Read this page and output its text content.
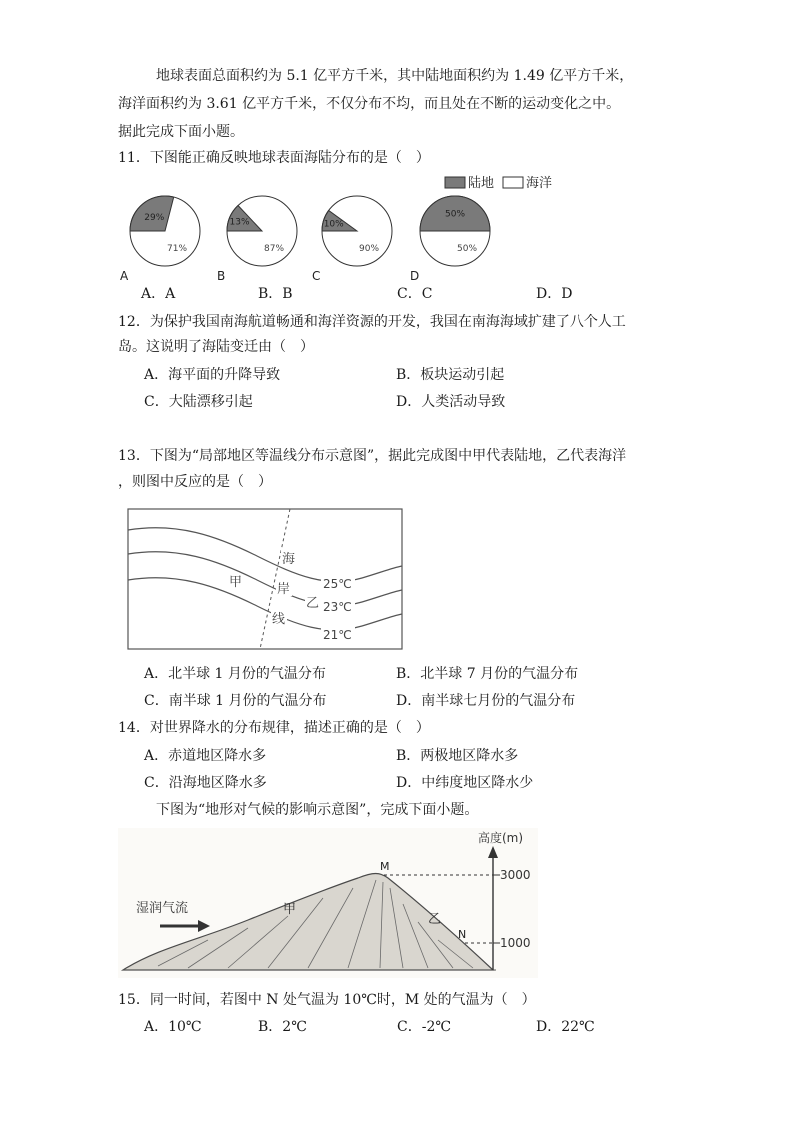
地球表面总面积约为 5.1 亿平方千米，其中陆地面积约为 1.49 亿平方千米，
海洋面积约为 3.61 亿平方千米，不仅分布不均，而且处在不断的运动变化之中。
据此完成下面小题。
11．下图能正确反映地球表面海陆分布的是（　）
陆地 海洋
29%
71%
A
13%
87%
B
10%
90%
C
50%
50%
D
A．A	B．B	C．C	D．D
12．为保护我国南海航道畅通和海洋资源的开发，我国在南海海域扩建了八个人工
岛。这说明了海陆变迁由（　）
A．海平面的升降导致	B．板块运动引起
C．大陆漂移引起	D．人类活动导致
13．下图为“局部地区等温线分布示意图”，据此完成图中甲代表陆地，乙代表海洋
，则图中反应的是（　）
海
岸
线
甲
乙
25℃
23℃
21℃
A．北半球 1 月份的气温分布	B．北半球 7 月份的气温分布
C．南半球 1 月份的气温分布	D．南半球七月份的气温分布
14．对世界降水的分布规律，描述正确的是（　）
A．赤道地区降水多	B．两极地区降水多
C．沿海地区降水多	D．中纬度地区降水少
下图为“地形对气候的影响示意图”，完成下面小题。
高度(m)
3000
1000
M
N
甲
乙
湿润气流
15．同一时间，若图中 N 处气温为 10℃时，M 处的气温为（　）
A．10℃	B．2℃	C．-2℃	D．22℃
